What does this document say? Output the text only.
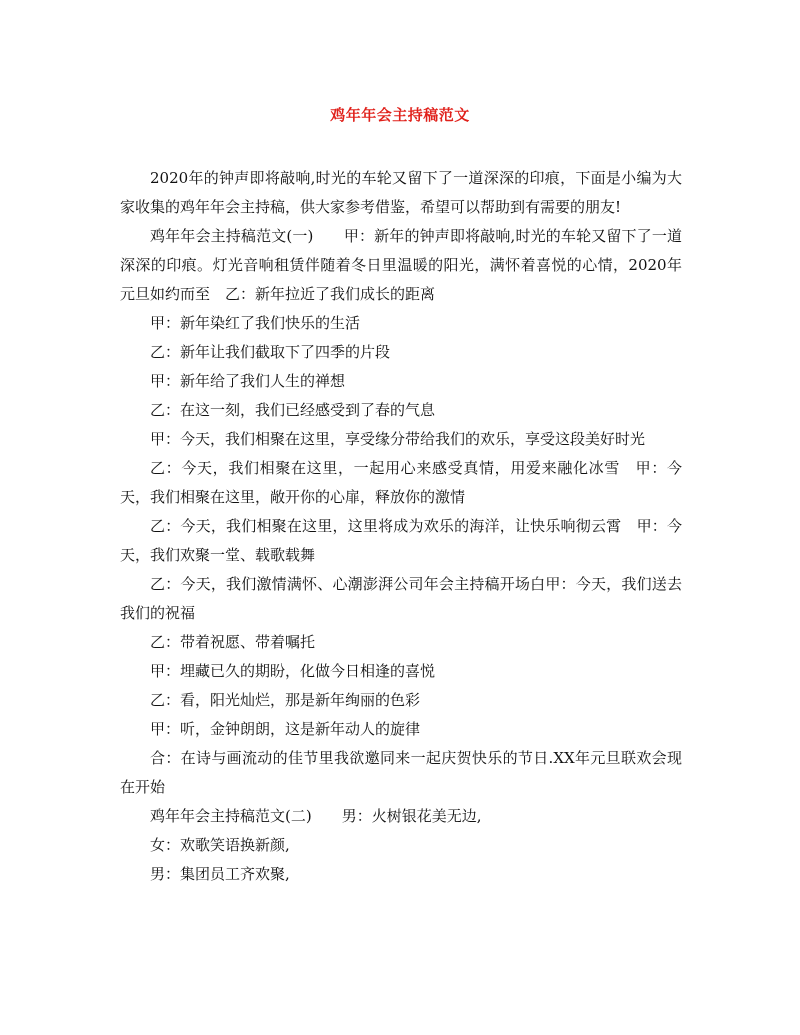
鸡年年会主持稿范文

2020年的钟声即将敲响,时光的车轮又留下了一道深深的印痕，下面是小编为大家收集的鸡年年会主持稿，供大家参考借鉴，希望可以帮助到有需要的朋友!

鸡年年会主持稿范文(一)　　甲：新年的钟声即将敲响,时光的车轮又留下了一道深深的印痕。灯光音响租赁伴随着冬日里温暖的阳光，满怀着喜悦的心情，2020年元旦如约而至　乙：新年拉近了我们成长的距离

甲：新年染红了我们快乐的生活

乙：新年让我们截取下了四季的片段

甲：新年给了我们人生的禅想

乙：在这一刻，我们已经感受到了春的气息

甲：今天，我们相聚在这里，享受缘分带给我们的欢乐，享受这段美好时光

乙：今天，我们相聚在这里，一起用心来感受真情，用爱来融化冰雪　甲：今天，我们相聚在这里，敞开你的心扉，释放你的激情

乙：今天，我们相聚在这里，这里将成为欢乐的海洋，让快乐响彻云霄　甲：今天，我们欢聚一堂、载歌载舞

乙：今天，我们激情满怀、心潮澎湃公司年会主持稿开场白甲：今天，我们送去我们的祝福

乙：带着祝愿、带着嘱托

甲：埋藏已久的期盼，化做今日相逢的喜悦

乙：看，阳光灿烂，那是新年绚丽的色彩

甲：听，金钟朗朗，这是新年动人的旋律

合：在诗与画流动的佳节里我欲邀同来一起庆贺快乐的节日.XX年元旦联欢会现在开始

鸡年年会主持稿范文(二)　　男：火树银花美无边,

女：欢歌笑语换新颜,

男：集团员工齐欢聚,
